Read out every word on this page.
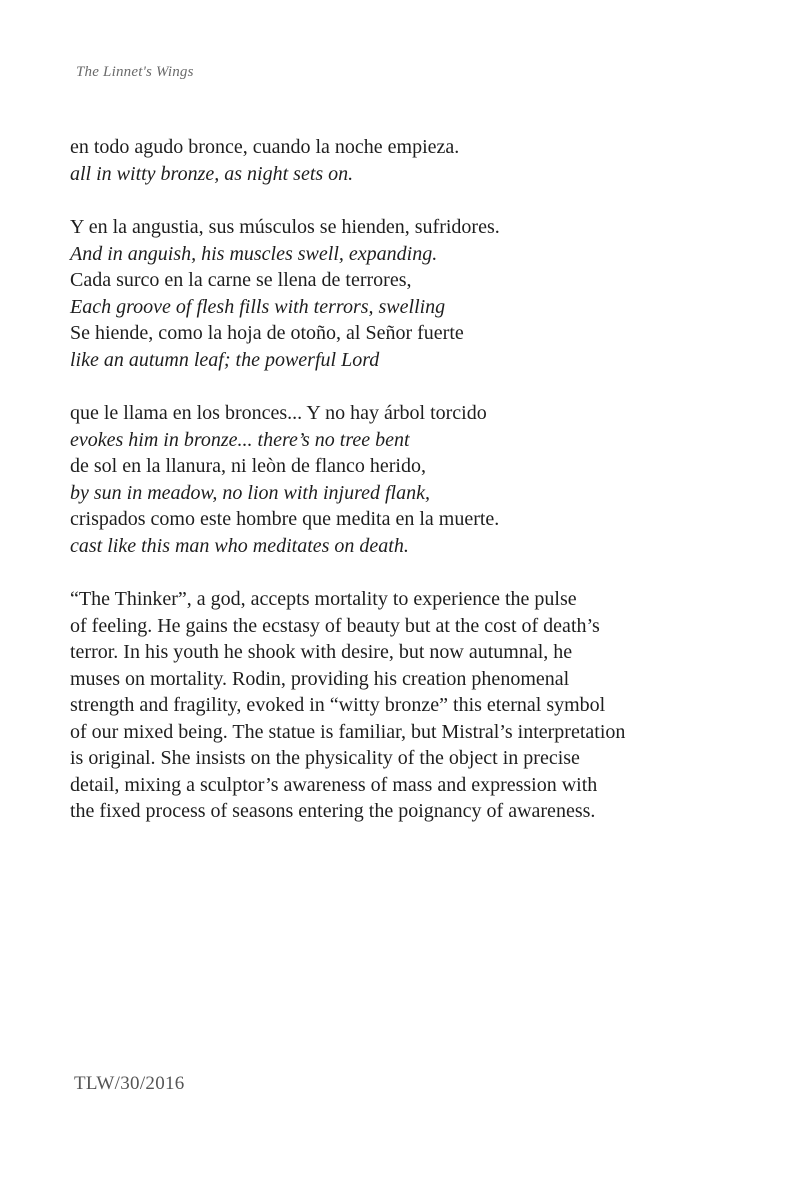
The Linnet's Wings
en todo agudo bronce, cuando la noche empieza.
all in witty bronze, as night sets on.
Y en la angustia, sus músculos se hienden, sufridores.
And in anguish, his muscles swell, expanding.
Cada surco en la carne se llena de terrores,
Each groove of flesh fills with terrors, swelling
Se hiende, como la hoja de otoño, al Señor fuerte
like an autumn leaf; the powerful Lord
que le llama en los bronces... Y no hay árbol torcido
evokes him in bronze... there’s no tree bent
de sol en la llanura, ni leòn de flanco herido,
by sun in meadow, no lion with injured flank,
crispados como este hombre que medita en la muerte.
cast like this man who meditates on death.

“The Thinker”, a god, accepts mortality to experience the pulse

of feeling. He gains the ecstasy of beauty but at the cost of death’s

terror. In his youth he shook with desire, but now autumnal, he

muses on mortality. Rodin, providing his creation phenomenal

strength and fragility, evoked in “witty bronze” this eternal symbol

of our mixed being. The statue is familiar, but Mistral’s interpretation

is original. She insists on the physicality of the object in precise

detail, mixing a sculptor’s awareness of mass and expression with

the fixed process of seasons entering the poignancy of awareness.

TLW/30/2016
